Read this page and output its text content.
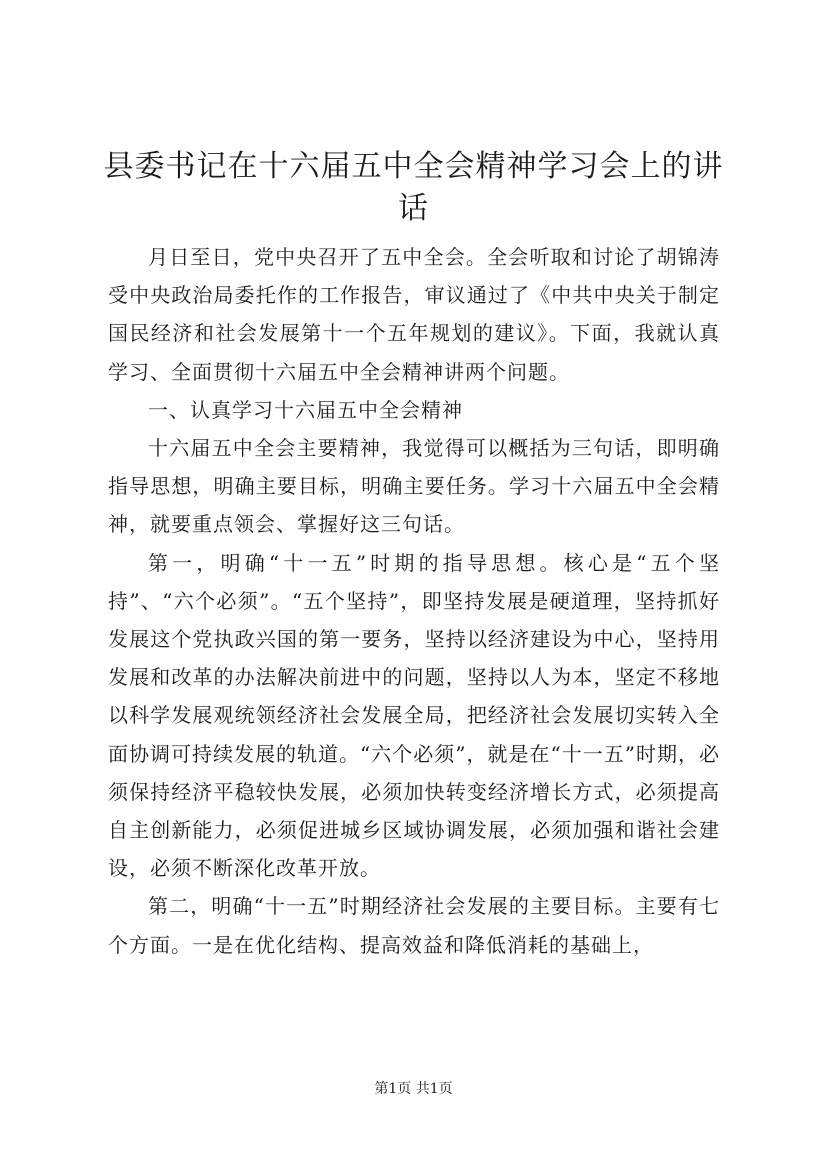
县委书记在十六届五中全会精神学习会上的讲话

月日至日，党中央召开了五中全会。全会听取和讨论了胡锦涛受中央政治局委托作的工作报告，审议通过了《中共中央关于制定国民经济和社会发展第十一个五年规划的建议》。下面，我就认真学习、全面贯彻十六届五中全会精神讲两个问题。

一、认真学习十六届五中全会精神

十六届五中全会主要精神，我觉得可以概括为三句话，即明确指导思想，明确主要目标，明确主要任务。学习十六届五中全会精神，就要重点领会、掌握好这三句话。

第一，明确“十一五”时期的指导思想。核心是“五个坚持”、“六个必须”。“五个坚持”，即坚持发展是硬道理，坚持抓好发展这个党执政兴国的第一要务，坚持以经济建设为中心，坚持用发展和改革的办法解决前进中的问题，坚持以人为本，坚定不移地以科学发展观统领经济社会发展全局，把经济社会发展切实转入全面协调可持续发展的轨道。“六个必须”，就是在“十一五”时期，必须保持经济平稳较快发展，必须加快转变经济增长方式，必须提高自主创新能力，必须促进城乡区域协调发展，必须加强和谐社会建设，必须不断深化改革开放。

第二，明确“十一五”时期经济社会发展的主要目标。主要有七个方面。一是在优化结构、提高效益和降低消耗的基础上，

第1页 共1页
